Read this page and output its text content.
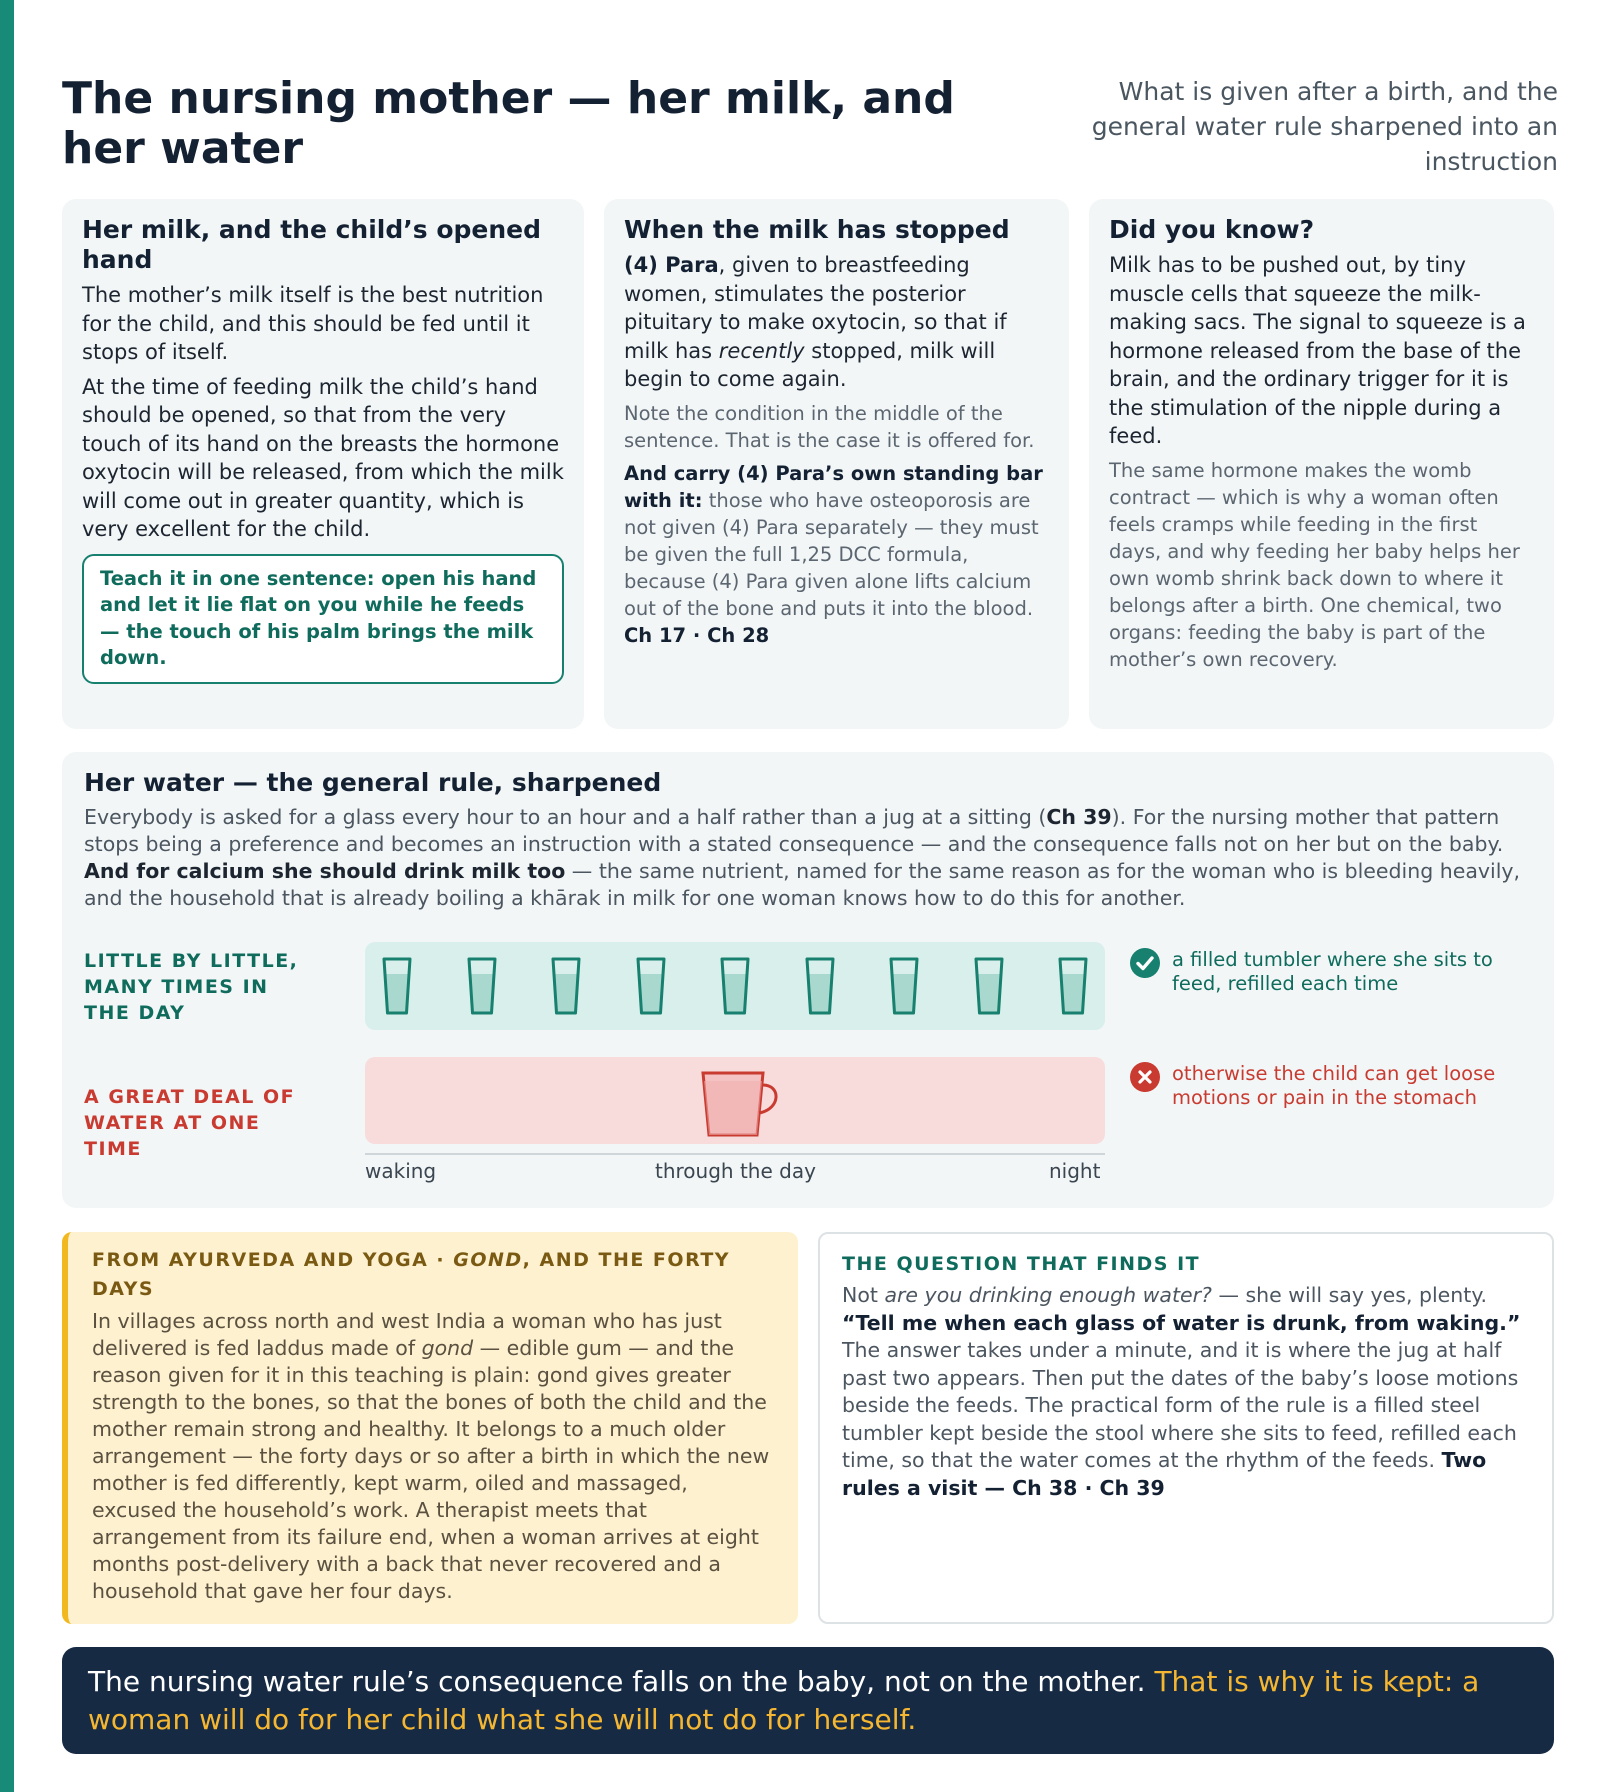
The nursing mother — her milk, and her water
What is given after a birth, and the general water rule sharpened into an instruction
Her milk, and the child’s opened hand

The mother’s milk itself is the best nutrition for the child, and this should be fed until it stops of itself.

At the time of feeding milk the child’s hand should be opened, so that from the very touch of its hand on the breasts the hormone oxytocin will be released, from which the milk will come out in greater quantity, which is very excellent for the child.

Teach it in one sentence: open his hand and let it lie flat on you while he feeds — the touch of his palm brings the milk down.
When the milk has stopped

(4) Para, given to breastfeeding women, stimulates the posterior pituitary to make oxytocin, so that if milk has recently stopped, milk will begin to come again.

Note the condition in the middle of the sentence. That is the case it is offered for.

And carry (4) Para’s own standing bar with it: those who have osteoporosis are not given (4) Para separately — they must be given the full 1,25 DCC formula, because (4) Para given alone lifts calcium out of the bone and puts it into the blood. Ch 17 · Ch 28

Did you know?

Milk has to be pushed out, by tiny muscle cells that squeeze the milk-making sacs. The signal to squeeze is a hormone released from the base of the brain, and the ordinary trigger for it is the stimulation of the nipple during a feed.

The same hormone makes the womb contract — which is why a woman often feels cramps while feeding in the first days, and why feeding her baby helps her own womb shrink back down to where it belongs after a birth. One chemical, two organs: feeding the baby is part of the mother’s own recovery.

Her water — the general rule, sharpened

Everybody is asked for a glass every hour to an hour and a half rather than a jug at a sitting (Ch 39). For the nursing mother that pattern stops being a preference and becomes an instruction with a stated consequence — and the consequence falls not on her but on the baby. And for calcium she should drink milk too — the same nutrient, named for the same reason as for the woman who is bleeding heavily, and the household that is already boiling a khārak in milk for one woman knows how to do this for another.

LITTLE BY LITTLE, MANY TIMES IN THE DAY
A GREAT DEAL OF WATER AT ONE TIME
waking	through the day	night
a filled tumbler where she sits to feed, refilled each time
otherwise the child can get loose motions or pain in the stomach
FROM AYURVEDA AND YOGA · GOND, AND THE FORTY DAYS

In villages across north and west India a woman who has just delivered is fed laddus made of gond — edible gum — and the reason given for it in this teaching is plain: gond gives greater strength to the bones, so that the bones of both the child and the mother remain strong and healthy. It belongs to a much older arrangement — the forty days or so after a birth in which the new mother is fed differently, kept warm, oiled and massaged, excused the household’s work. A therapist meets that arrangement from its failure end, when a woman arrives at eight months post-delivery with a back that never recovered and a household that gave her four days.

THE QUESTION THAT FINDS IT

Not are you drinking enough water? — she will say yes, plenty. “Tell me when each glass of water is drunk, from waking.” The answer takes under a minute, and it is where the jug at half past two appears. Then put the dates of the baby’s loose motions beside the feeds. The practical form of the rule is a filled steel tumbler kept beside the stool where she sits to feed, refilled each time, so that the water comes at the rhythm of the feeds. Two rules a visit — Ch 38 · Ch 39

The nursing water rule’s consequence falls on the baby, not on the mother. That is why it is kept: a woman will do for her child what she will not do for herself.
